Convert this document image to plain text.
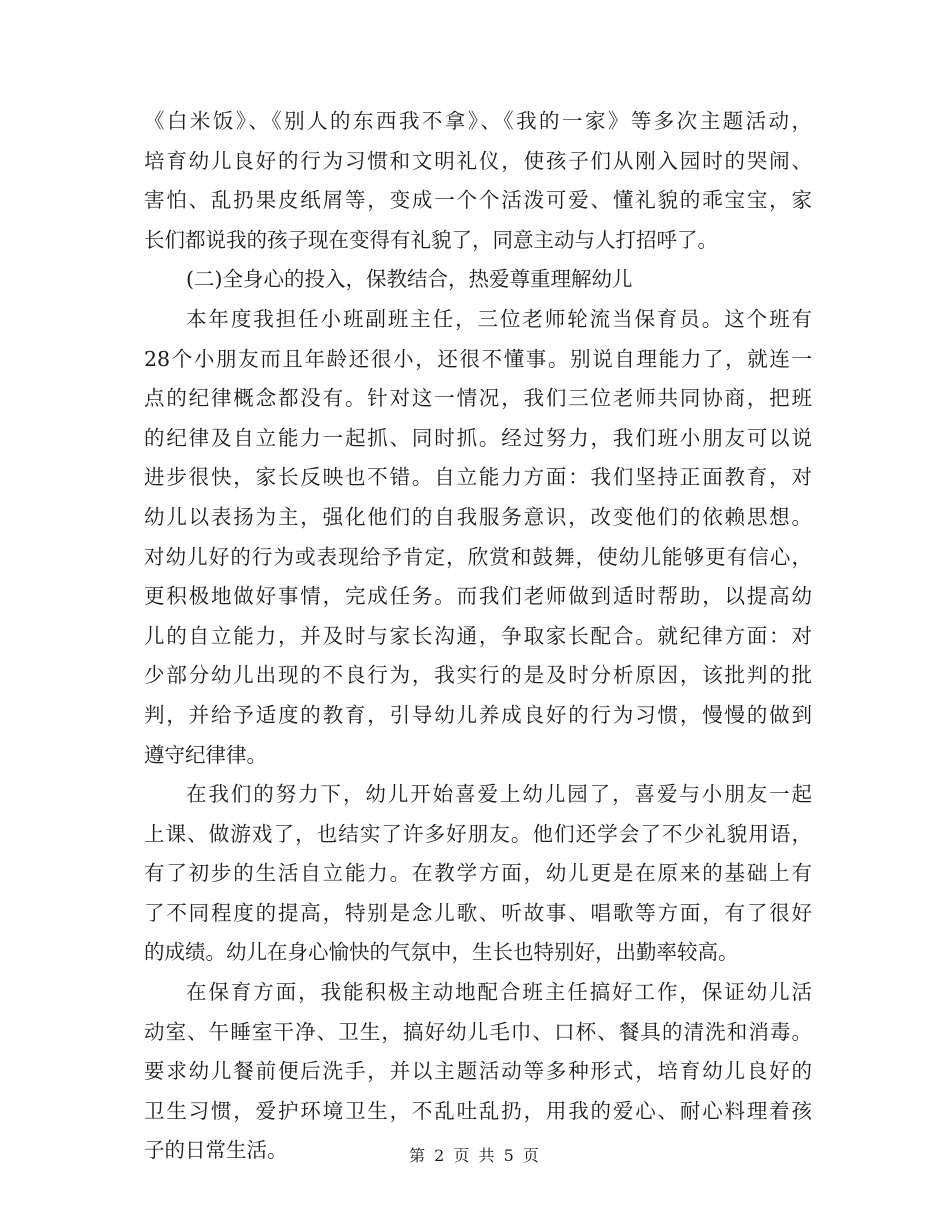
《白米饭》、《别人的东西我不拿》、《我的一家》等多次主题活动，
培育幼儿良好的行为习惯和文明礼仪，使孩子们从刚入园时的哭闹、
害怕、乱扔果皮纸屑等，变成一个个活泼可爱、懂礼貌的乖宝宝，家
长们都说我的孩子现在变得有礼貌了，同意主动与人打招呼了。
(二)全身心的投入，保教结合，热爱尊重理解幼儿
本年度我担任小班副班主任，三位老师轮流当保育员。这个班有
28个小朋友而且年龄还很小，还很不懂事。别说自理能力了，就连一
点的纪律概念都没有。针对这一情况，我们三位老师共同协商，把班
的纪律及自立能力一起抓、同时抓。经过努力，我们班小朋友可以说
进步很快，家长反映也不错。自立能力方面：我们坚持正面教育，对
幼儿以表扬为主，强化他们的自我服务意识，改变他们的依赖思想。
对幼儿好的行为或表现给予肯定，欣赏和鼓舞，使幼儿能够更有信心，
更积极地做好事情，完成任务。而我们老师做到适时帮助，以提高幼
儿的自立能力，并及时与家长沟通，争取家长配合。就纪律方面：对
少部分幼儿出现的不良行为，我实行的是及时分析原因，该批判的批
判，并给予适度的教育，引导幼儿养成良好的行为习惯，慢慢的做到
遵守纪律律。
在我们的努力下，幼儿开始喜爱上幼儿园了，喜爱与小朋友一起
上课、做游戏了，也结实了许多好朋友。他们还学会了不少礼貌用语，
有了初步的生活自立能力。在教学方面，幼儿更是在原来的基础上有
了不同程度的提高，特别是念儿歌、听故事、唱歌等方面，有了很好
的成绩。幼儿在身心愉快的气氛中，生长也特别好，出勤率较高。
在保育方面，我能积极主动地配合班主任搞好工作，保证幼儿活
动室、午睡室干净、卫生，搞好幼儿毛巾、口杯、餐具的清洗和消毒。
要求幼儿餐前便后洗手，并以主题活动等多种形式，培育幼儿良好的
卫生习惯，爱护环境卫生，不乱吐乱扔，用我的爱心、耐心料理着孩
子的日常生活。	第 2 页 共 5 页
